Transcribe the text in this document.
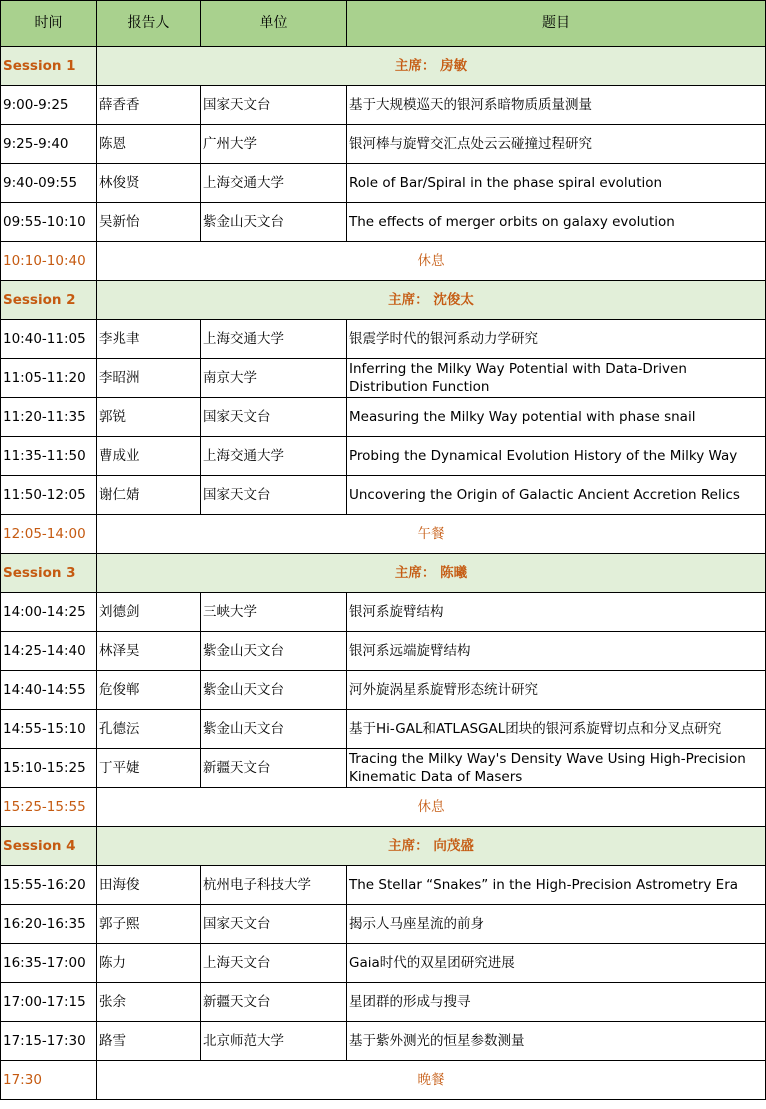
时间	报告人	单位	题目
Session 1	主席： 房敏		
9:00-9:25	薛香香	国家天文台	基于大规模巡天的银河系暗物质质量测量
9:25-9:40	陈恩	广州大学	银河棒与旋臂交汇点处云云碰撞过程研究
9:40-09:55	林俊贤	上海交通大学	Role of Bar/Spiral in the phase spiral evolution
09:55-10:10	吴新怡	紫金山天文台	The effects of merger orbits on galaxy evolution
10:10-10:40	休息		
Session 2	主席： 沈俊太		
10:40-11:05	李兆聿	上海交通大学	银震学时代的银河系动力学研究
11:05-11:20	李昭洲	南京大学	Inferring the Milky Way Potential with Data-Driven Distribution Function
11:20-11:35	郭锐	国家天文台	Measuring the Milky Way potential with phase snail
11:35-11:50	曹成业	上海交通大学	Probing the Dynamical Evolution History of the Milky Way
11:50-12:05	谢仁婧	国家天文台	Uncovering the Origin of Galactic Ancient Accretion Relics
12:05-14:00	午餐		
Session 3	主席： 陈曦		
14:00-14:25	刘德剑	三峡大学	银河系旋臂结构
14:25-14:40	林泽昊	紫金山天文台	银河系远端旋臂结构
14:40-14:55	危俊郸	紫金山天文台	河外旋涡星系旋臂形态统计研究
14:55-15:10	孔德沄	紫金山天文台	基于Hi-GAL和ATLASGAL团块的银河系旋臂切点和分叉点研究
15:10-15:25	丁平婕	新疆天文台	Tracing the Milky Way's Density Wave Using High-Precision Kinematic Data of Masers
15:25-15:55	休息		
Session 4	主席： 向茂盛		
15:55-16:20	田海俊	杭州电子科技大学	The Stellar “Snakes” in the High-Precision Astrometry Era
16:20-16:35	郭子熙	国家天文台	揭示人马座星流的前身
16:35-17:00	陈力	上海天文台	Gaia时代的双星团研究进展
17:00-17:15	张余	新疆天文台	星团群的形成与搜寻
17:15-17:30	路雪	北京师范大学	基于紫外测光的恒星参数测量
17:30	晚餐		
